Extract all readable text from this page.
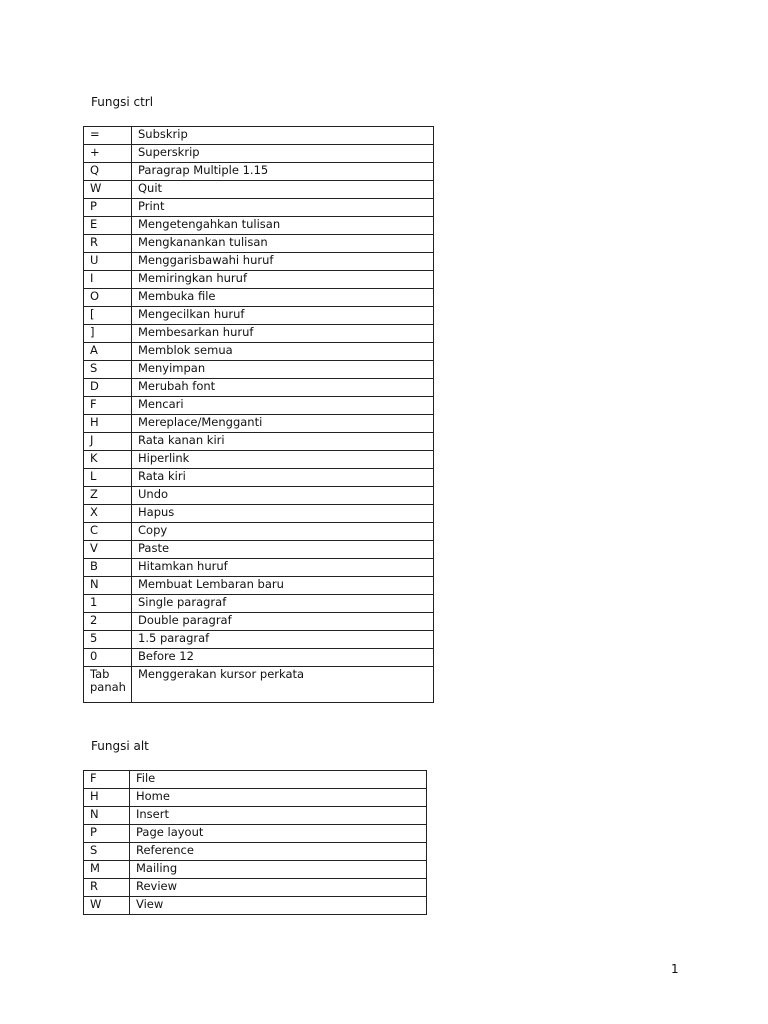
Fungsi ctrl
=	Subskrip
+	Superskrip
Q	Paragrap Multiple 1.15
W	Quit
P	Print
E	Mengetengahkan tulisan
R	Mengkanankan tulisan
U	Menggarisbawahi huruf
I	Memiringkan huruf
O	Membuka file
[	Mengecilkan huruf
]	Membesarkan huruf
A	Memblok semua
S	Menyimpan
D	Merubah font
F	Mencari
H	Mereplace/Mengganti
J	Rata kanan kiri
K	Hiperlink
L	Rata kiri
Z	Undo
X	Hapus
C	Copy
V	Paste
B	Hitamkan huruf
N	Membuat Lembaran baru
1	Single paragraf
2	Double paragraf
5	1.5 paragraf
0	Before 12
Tab panah	Menggerakan kursor perkata
Fungsi alt
F	File
H	Home
N	Insert
P	Page layout
S	Reference
M	Mailing
R	Review
W	View
1
